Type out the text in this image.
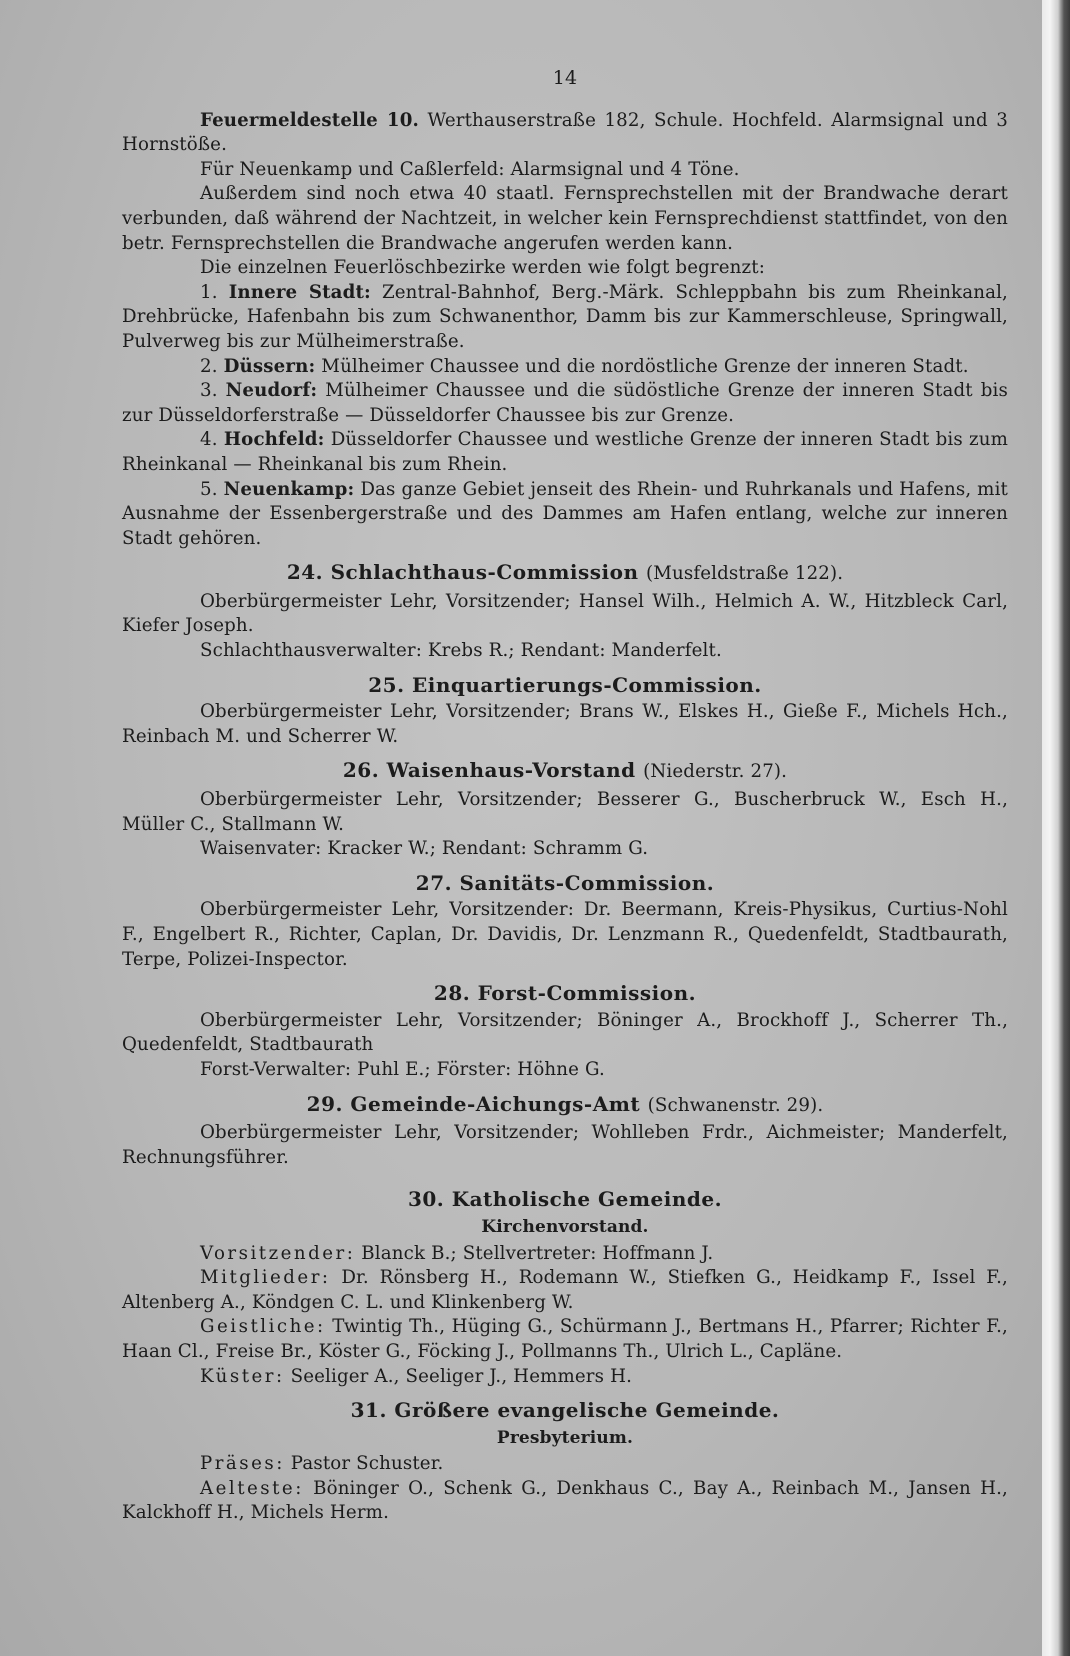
14

Feuermeldestelle 10. Werthauserstraße 182, Schule. Hochfeld. Alarmsignal und 3 Hornstöße.

Für Neuenkamp und Caßlerfeld: Alarmsignal und 4 Töne.

Außerdem sind noch etwa 40 staatl. Fernsprechstellen mit der Brandwache derart verbunden, daß während der Nachtzeit, in welcher kein Fernsprechdienst stattfindet, von den betr. Fernsprechstellen die Brandwache angerufen werden kann.

Die einzelnen Feuerlöschbezirke werden wie folgt begrenzt:

1. Innere Stadt: Zentral-Bahnhof, Berg.-Märk. Schleppbahn bis zum Rheinkanal, Drehbrücke, Hafenbahn bis zum Schwanenthor, Damm bis zur Kammerschleuse, Springwall, Pulverweg bis zur Mülheimerstraße.

2. Düssern: Mülheimer Chaussee und die nordöstliche Grenze der inneren Stadt.

3. Neudorf: Mülheimer Chaussee und die südöstliche Grenze der inneren Stadt bis zur Düsseldorferstraße — Düsseldorfer Chaussee bis zur Grenze.

4. Hochfeld: Düsseldorfer Chaussee und westliche Grenze der inneren Stadt bis zum Rheinkanal — Rheinkanal bis zum Rhein.

5. Neuenkamp: Das ganze Gebiet jenseit des Rhein- und Ruhrkanals und Hafens, mit Ausnahme der Essenbergerstraße und des Dammes am Hafen entlang, welche zur inneren Stadt gehören.

24. Schlachthaus-Commission (Musfeldstraße 122).

Oberbürgermeister Lehr, Vorsitzender; Hansel Wilh., Helmich A. W., Hitzbleck Carl, Kiefer Joseph.

Schlachthausverwalter: Krebs R.; Rendant: Manderfelt.

25. Einquartierungs-Commission.

Oberbürgermeister Lehr, Vorsitzender; Brans W., Elskes H., Gieße F., Michels Hch., Reinbach M. und Scherrer W.

26. Waisenhaus-Vorstand (Niederstr. 27).

Oberbürgermeister Lehr, Vorsitzender; Besserer G., Buscherbruck W., Esch H., Müller C., Stallmann W.

Waisenvater: Kracker W.; Rendant: Schramm G.

27. Sanitäts-Commission.

Oberbürgermeister Lehr, Vorsitzender: Dr. Beermann, Kreis-Physikus, Curtius-Nohl F., Engelbert R., Richter, Caplan, Dr. Davidis, Dr. Lenzmann R., Quedenfeldt, Stadtbaurath, Terpe, Polizei-Inspector.

28. Forst-Commission.

Oberbürgermeister Lehr, Vorsitzender; Böninger A., Brockhoff J., Scherrer Th., Quedenfeldt, Stadtbaurath

Forst-Verwalter: Puhl E.; Förster: Höhne G.

29. Gemeinde-Aichungs-Amt (Schwanenstr. 29).

Oberbürgermeister Lehr, Vorsitzender; Wohlleben Frdr., Aichmeister; Manderfelt, Rechnungsführer.

30. Katholische Gemeinde.
Kirchenvorstand.

Vorsitzender: Blanck B.; Stellvertreter: Hoffmann J.

Mitglieder: Dr. Rönsberg H., Rodemann W., Stiefken G., Heidkamp F., Issel F., Altenberg A., Köndgen C. L. und Klinkenberg W.

Geistliche: Twintig Th., Hüging G., Schürmann J., Bertmans H., Pfarrer; Richter F., Haan Cl., Freise Br., Köster G., Föcking J., Pollmanns Th., Ulrich L., Capläne.

Küster: Seeliger A., Seeliger J., Hemmers H.

31. Größere evangelische Gemeinde.
Presbyterium.

Präses: Pastor Schuster.

Aelteste: Böninger O., Schenk G., Denkhaus C., Bay A., Reinbach M., Jansen H., Kalckhoff H., Michels Herm.
